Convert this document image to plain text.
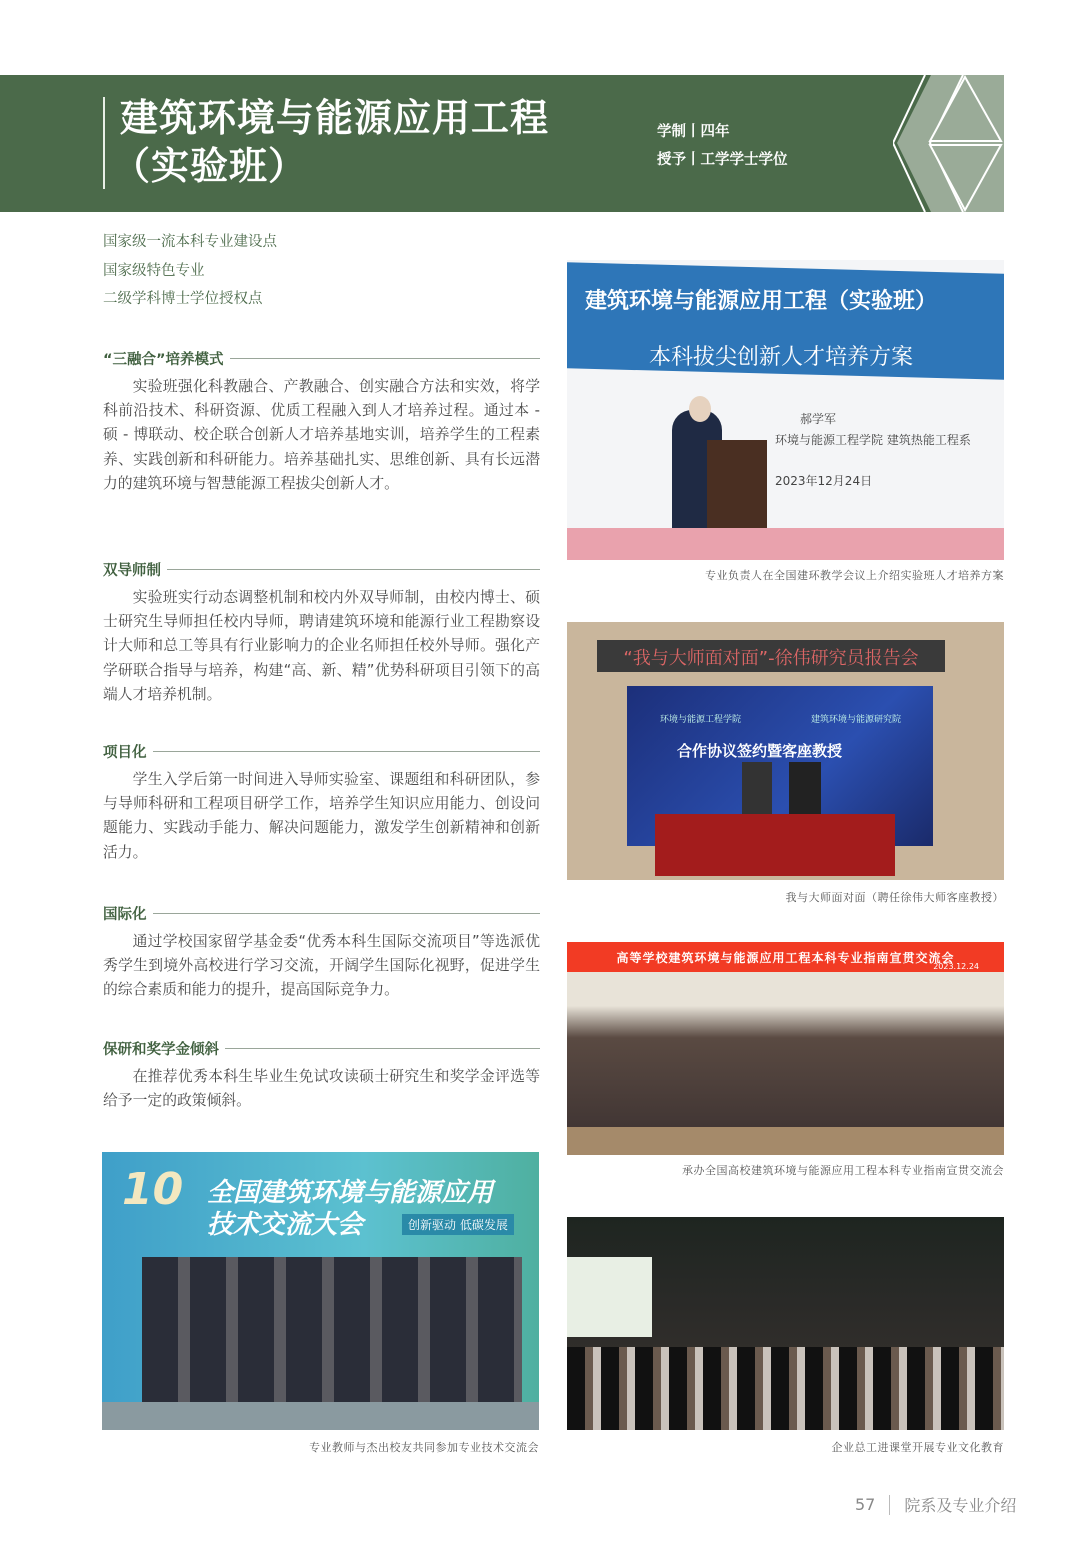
建筑环境与能源应用工程
（实验班）
学制丨四年
授予丨工学学士学位
国家级一流本科专业建设点
国家级特色专业
二级学科博士学位授权点
“三融合”培养模式

实验班强化科教融合、产教融合、创实融合方法和实效，将学科前沿技术、科研资源、优质工程融入到人才培养过程。通过本 - 硕 - 博联动、校企联合创新人才培养基地实训，培养学生的工程素养、实践创新和科研能力。培养基础扎实、思维创新、具有长远潜力的建筑环境与智慧能源工程拔尖创新人才。

双导师制

实验班实行动态调整机制和校内外双导师制，由校内博士、硕士研究生导师担任校内导师，聘请建筑环境和能源行业工程勘察设计大师和总工等具有行业影响力的企业名师担任校外导师。强化产学研联合指导与培养，构建“高、新、精”优势科研项目引领下的高端人才培养机制。

项目化

学生入学后第一时间进入导师实验室、课题组和科研团队，参与导师科研和工程项目研学工作，培养学生知识应用能力、创设问题能力、实践动手能力、解决问题能力，激发学生创新精神和创新活力。

国际化

通过学校国家留学基金委“优秀本科生国际交流项目”等选派优秀学生到境外高校进行学习交流，开阔学生国际化视野，促进学生的综合素质和能力的提升，提高国际竞争力。

保研和奖学金倾斜

在推荐优秀本科生毕业生免试攻读硕士研究生和奖学金评选等给予一定的政策倾斜。

建筑环境与能源应用工程（实验班）
本科拔尖创新人才培养方案
郝学军
环境与能源工程学院 建筑热能工程系
2023年12月24日
专业负责人在全国建环教学会议上介绍实验班人才培养方案
“我与大师面对面”-徐伟研究员报告会
环境与能源工程学院	建筑环境与能源研究院
合作协议签约暨客座教授
我与大师面对面（聘任徐伟大师客座教授）
高等学校建筑环境与能源应用工程本科专业指南宣贯交流会
2023.12.24
承办全国高校建筑环境与能源应用工程本科专业指南宣贯交流会
10 全国建筑环境与能源应用
技术交流大会	创新驱动 低碳发展
专业教师与杰出校友共同参加专业技术交流会	企业总工进课堂开展专业文化教育
57 院系及专业介绍
